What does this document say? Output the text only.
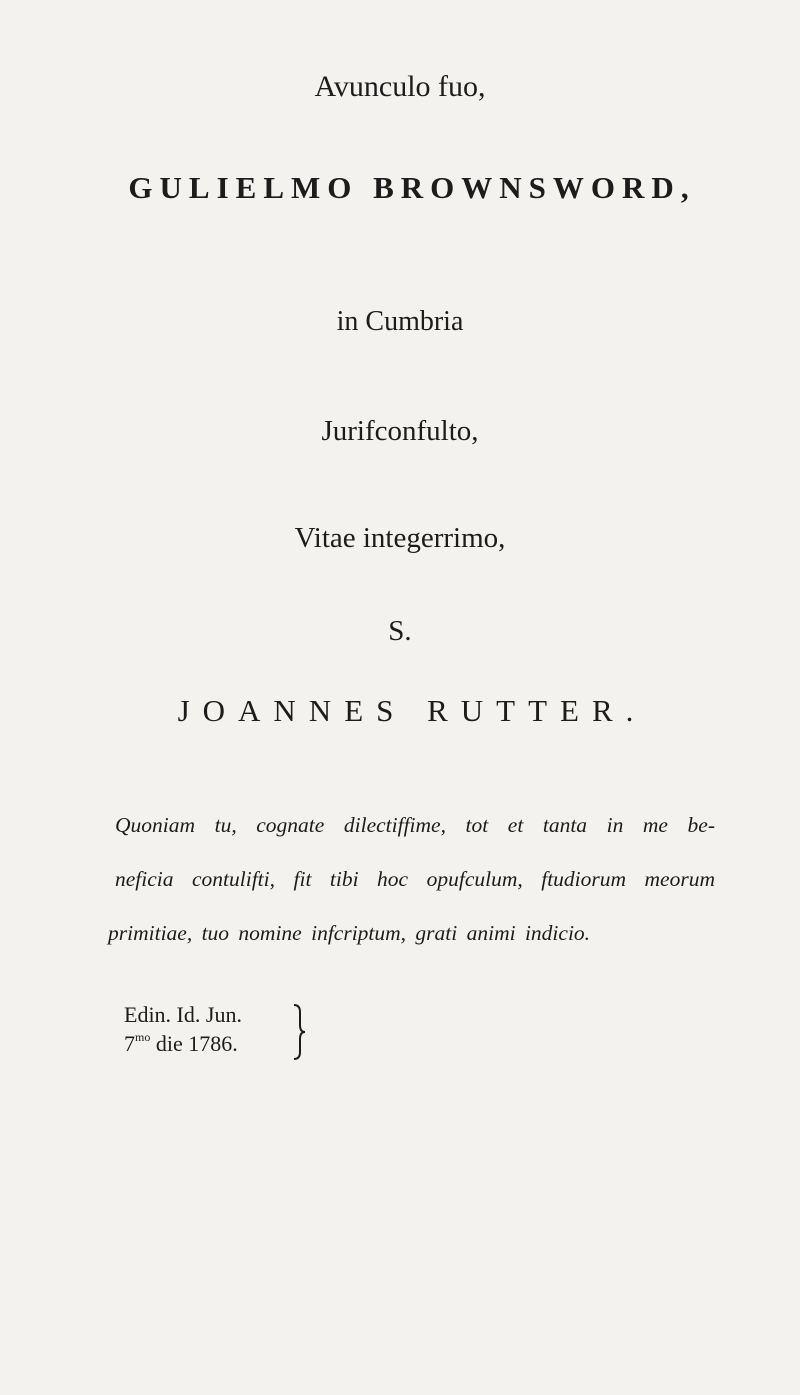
Avunculo fuo,
GULIELMO BROWNSWORD,
in Cumbria
Jurifconfulto,
Vitae integerrimo,
S.
JOANNES RUTTER.
Quoniam tu, cognate dilectiffime, tot et tanta in me be-
neficia contulifti, fit tibi hoc opufculum, ftudiorum meorum
primitiae, tuo nomine infcriptum, grati animi indicio.
Edin. Id. Jun.
$7^{mo}$ die 1786.
